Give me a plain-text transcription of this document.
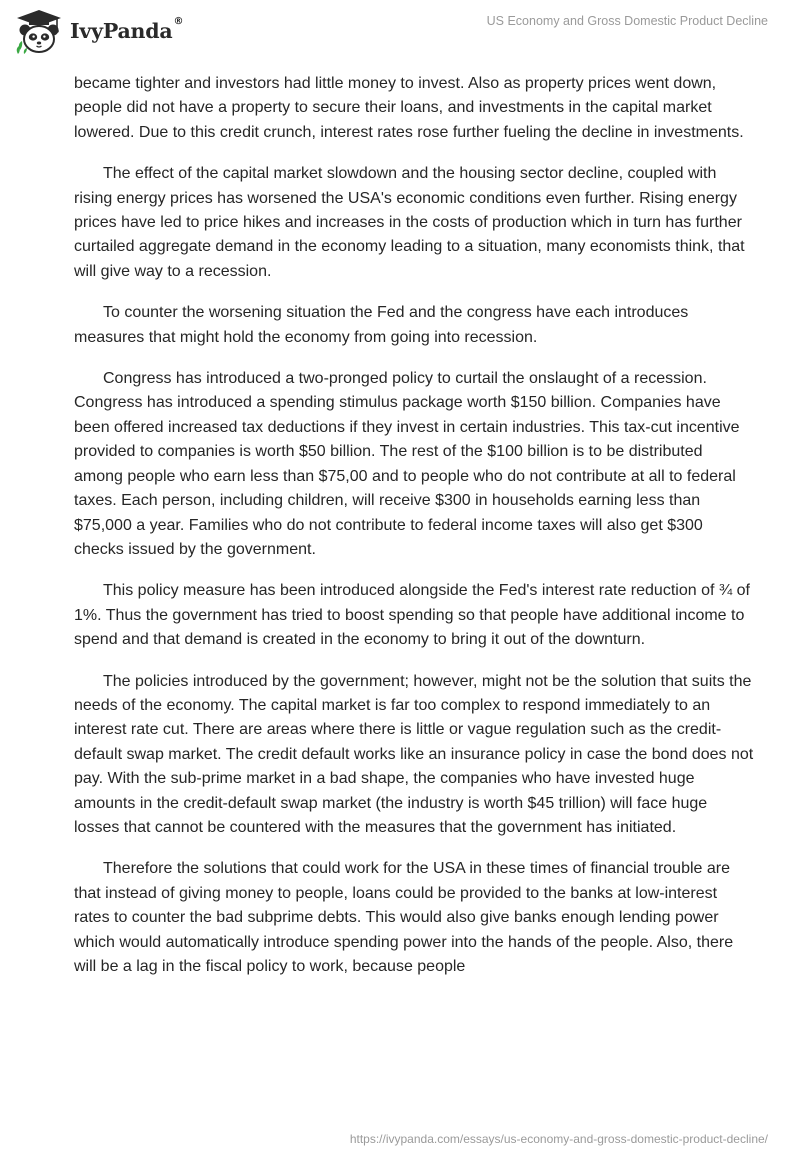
IvyPanda®	US Economy and Gross Domestic Product Decline

became tighter and investors had little money to invest. Also as property prices went down, people did not have a property to secure their loans, and investments in the capital market lowered. Due to this credit crunch, interest rates rose further fueling the decline in investments.

The effect of the capital market slowdown and the housing sector decline, coupled with rising energy prices has worsened the USA's economic conditions even further. Rising energy prices have led to price hikes and increases in the costs of production which in turn has further curtailed aggregate demand in the economy leading to a situation, many economists think, that will give way to a recession.

To counter the worsening situation the Fed and the congress have each introduces measures that might hold the economy from going into recession.

Congress has introduced a two-pronged policy to curtail the onslaught of a recession. Congress has introduced a spending stimulus package worth $150 billion. Companies have been offered increased tax deductions if they invest in certain industries. This tax-cut incentive provided to companies is worth $50 billion. The rest of the $100 billion is to be distributed among people who earn less than $75,00 and to people who do not contribute at all to federal taxes. Each person, including children, will receive $300 in households earning less than $75,000 a year. Families who do not contribute to federal income taxes will also get $300 checks issued by the government.

This policy measure has been introduced alongside the Fed's interest rate reduction of ¾ of 1%. Thus the government has tried to boost spending so that people have additional income to spend and that demand is created in the economy to bring it out of the downturn.

The policies introduced by the government; however, might not be the solution that suits the needs of the economy. The capital market is far too complex to respond immediately to an interest rate cut. There are areas where there is little or vague regulation such as the credit-default swap market. The credit default works like an insurance policy in case the bond does not pay. With the sub-prime market in a bad shape, the companies who have invested huge amounts in the credit-default swap market (the industry is worth $45 trillion) will face huge losses that cannot be countered with the measures that the government has initiated.

Therefore the solutions that could work for the USA in these times of financial trouble are that instead of giving money to people, loans could be provided to the banks at low-interest rates to counter the bad subprime debts. This would also give banks enough lending power which would automatically introduce spending power into the hands of the people. Also, there will be a lag in the fiscal policy to work, because people

https://ivypanda.com/essays/us-economy-and-gross-domestic-product-decline/
